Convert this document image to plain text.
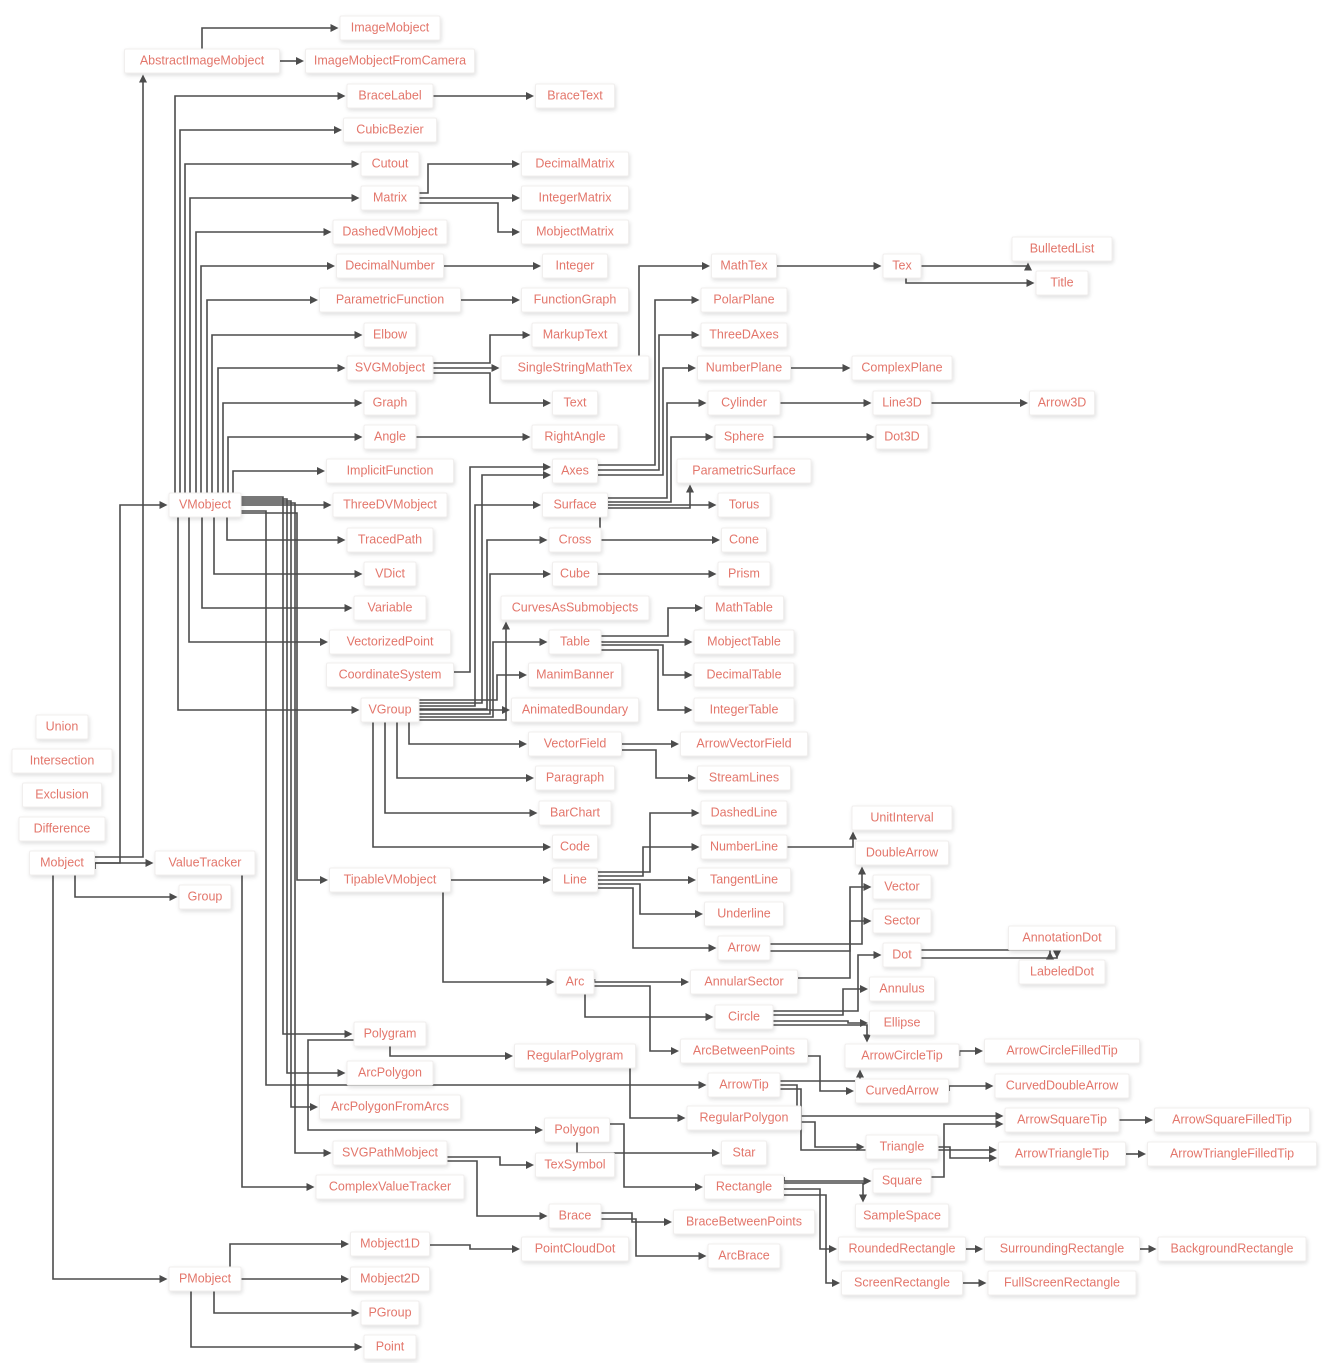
ImageMobject
AbstractImageMobject	ImageMobjectFromCamera
BraceLabel	BraceText
CubicBezier
Cutout	DecimalMatrix
Matrix	IntegerMatrix
DashedVMobject	MobjectMatrix
DecimalNumber	Integer	MathTex	Tex
BulletedList
Title
ParametricFunction	FunctionGraph	PolarPlane
Elbow	MarkupText	ThreeDAxes
SVGMobject	SingleStringMathTex	NumberPlane	ComplexPlane
Graph	Text	Cylinder	Line3D	Arrow3D
Angle	RightAngle	Sphere	Dot3D
ImplicitFunction	Axes	ParametricSurface
VMobject	ThreeDVMobject	Surface	Torus
TracedPath	Cross	Cone
VDict	Cube	Prism
Variable	CurvesAsSubmobjects	MathTable
VectorizedPoint	Table	MobjectTable
CoordinateSystem	ManimBanner	DecimalTable
VGroup	AnimatedBoundary	IntegerTable
Union
VectorField	ArrowVectorField
Intersection
Paragraph	StreamLines
Exclusion
BarChart	DashedLine	UnitInterval
Difference
Code	NumberLine	DoubleArrow
Mobject	ValueTracker
TipableVMobject	Line	TangentLine	Vector
Group
Underline	Sector
AnnotationDot
Arrow	Dot
LabeledDot
Arc	AnnularSector	Annulus
Circle	Ellipse
Polygram
ArcBetweenPoints	ArrowCircleFilledTip
ArrowCircleTip
RegularPolygram
ArcPolygon
ArrowTip	CurvedDoubleArrow
CurvedArrow
ArcPolygonFromArcs
RegularPolygon	ArrowSquareTip	ArrowSquareFilledTip
Polygon
Triangle
Star
SVGPathMobject	ArrowTriangleTip	ArrowTriangleFilledTip
TexSymbol
Square
Rectangle
ComplexValueTracker
Brace	SampleSpace
BraceBetweenPoints
Mobject1D	PointCloudDot	RoundedRectangle	SurroundingRectangle	BackgroundRectangle
ArcBrace
PMobject	Mobject2D	ScreenRectangle	FullScreenRectangle
PGroup
Point
